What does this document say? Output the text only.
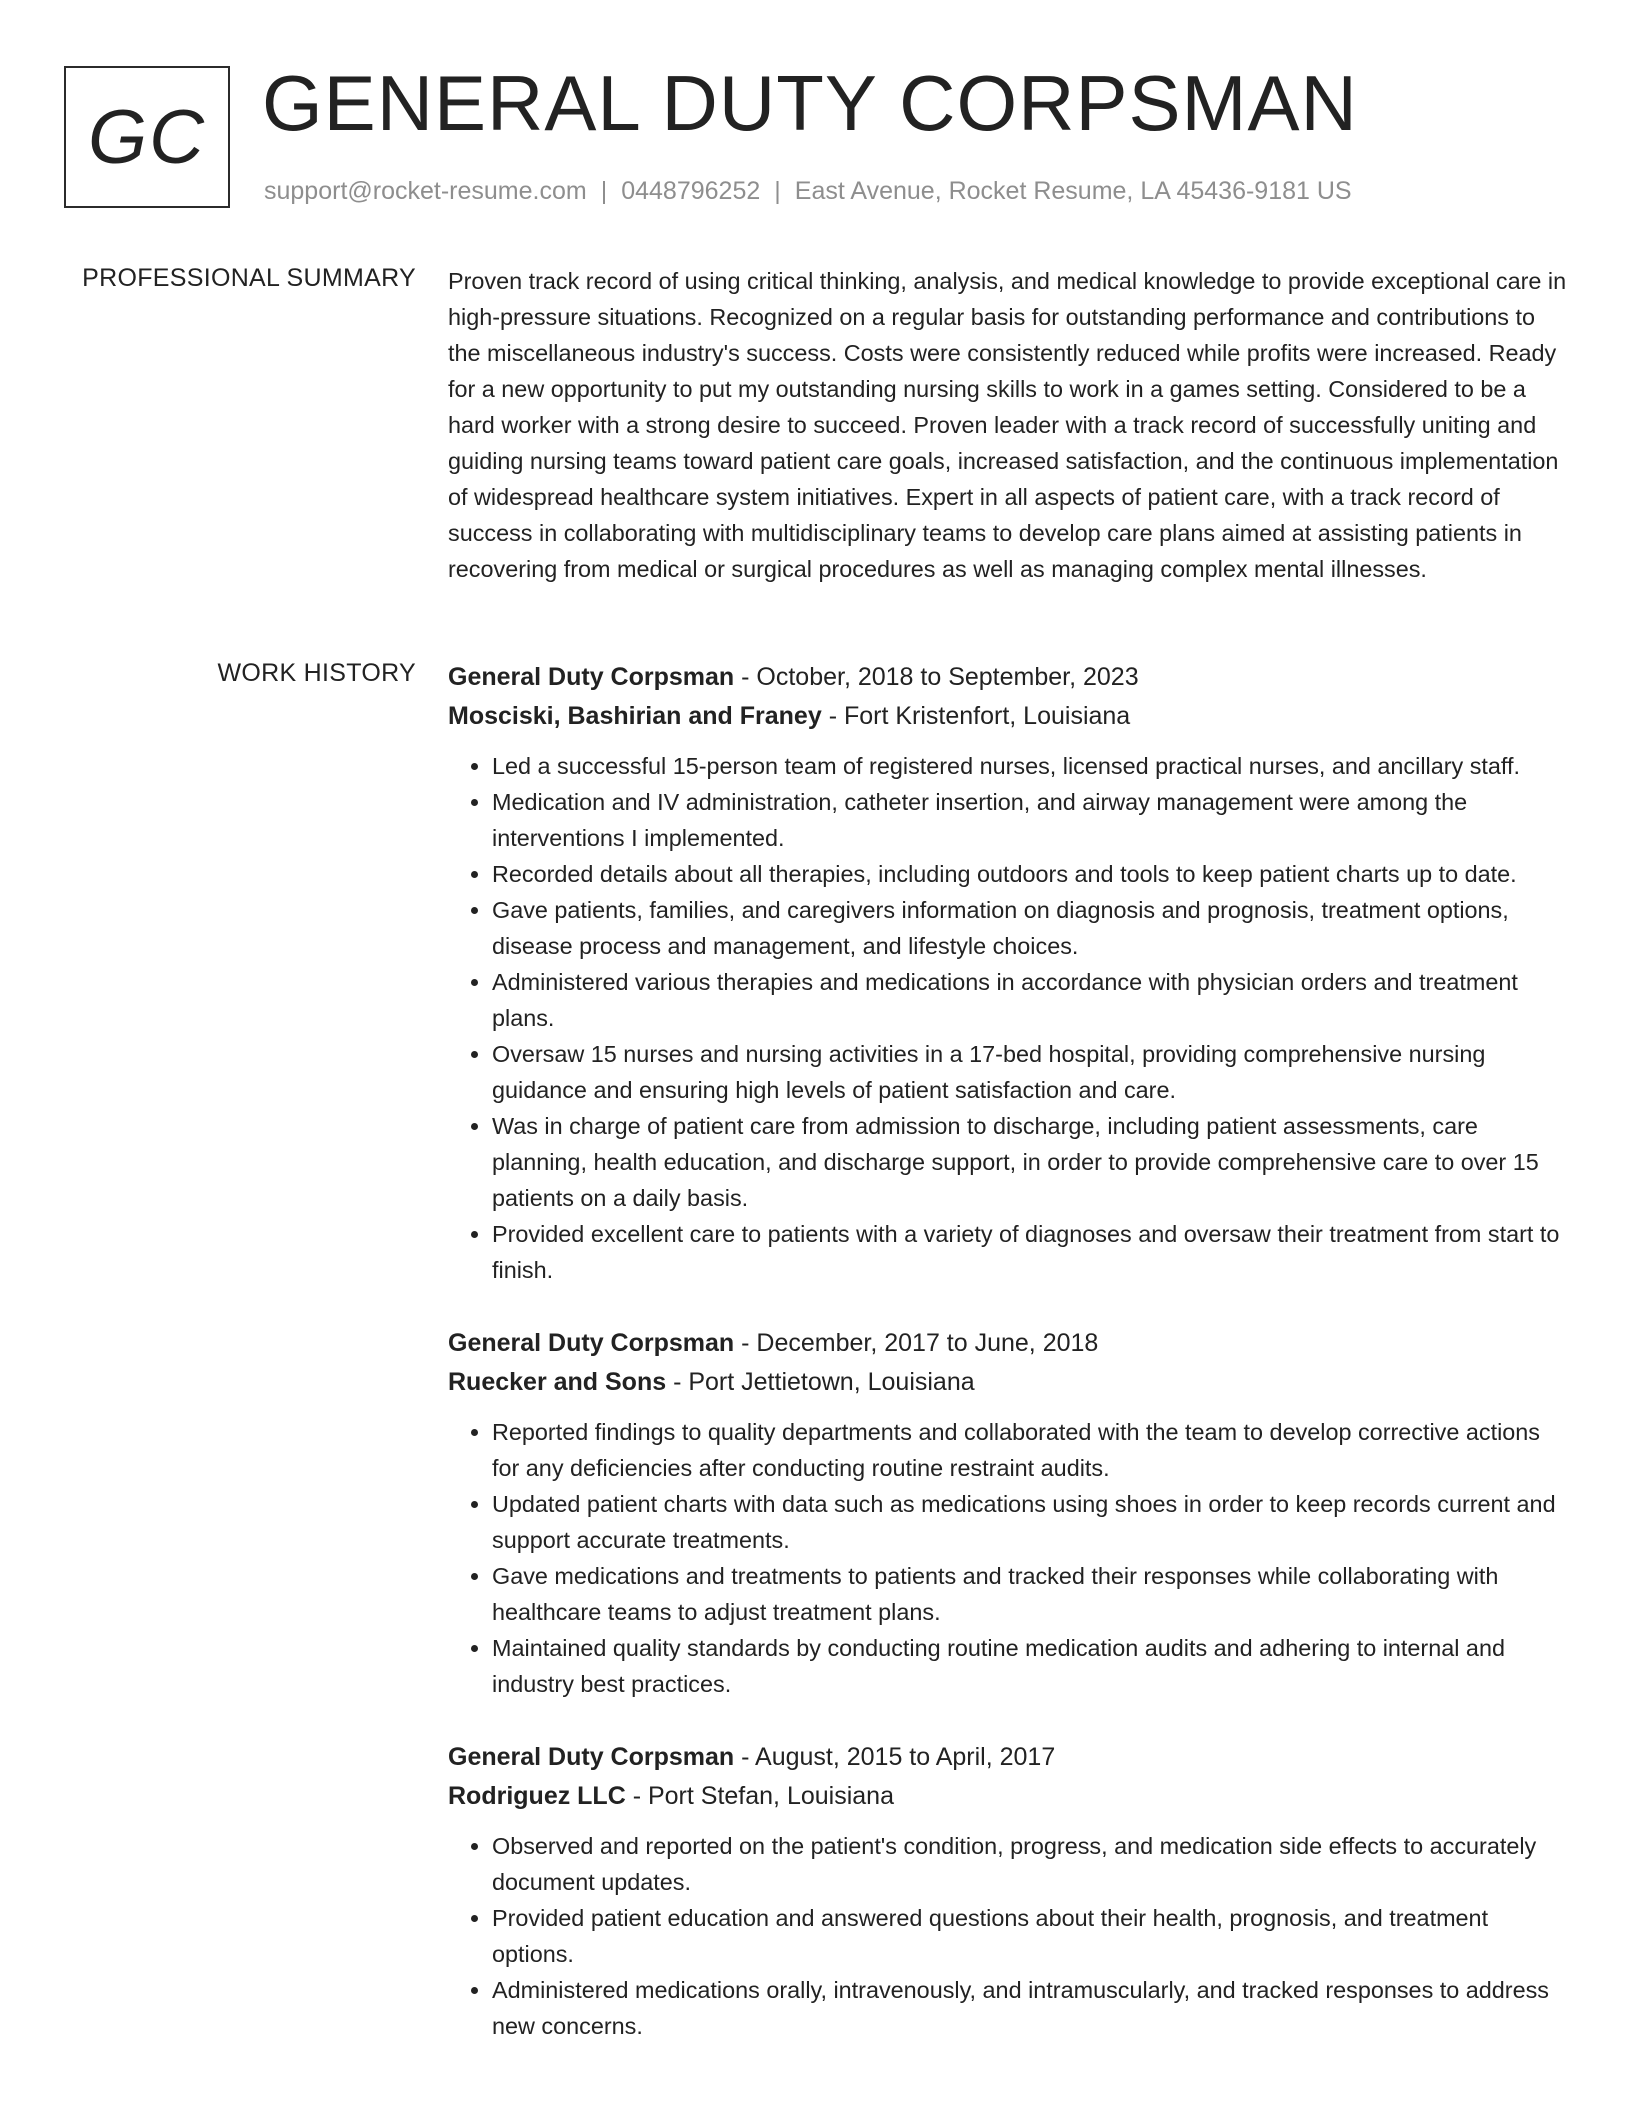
GC GENERAL DUTY CORPSMAN
support@rocket-resume.com | 0448796252 | East Avenue, Rocket Resume, LA 45436-9181 US
PROFESSIONAL SUMMARY Proven track record of using critical thinking, analysis, and medical knowledge to provide exceptional care in high-pressure situations. Recognized on a regular basis for outstanding performance and contributions to the miscellaneous industry's success. Costs were consistently reduced while profits were increased. Ready for a new opportunity to put my outstanding nursing skills to work in a games setting. Considered to be a hard worker with a strong desire to succeed. Proven leader with a track record of successfully uniting and guiding nursing teams toward patient care goals, increased satisfaction, and the continuous implementation of widespread healthcare system initiatives. Expert in all aspects of patient care, with a track record of success in collaborating with multidisciplinary teams to develop care plans aimed at assisting patients in recovering from medical or surgical procedures as well as managing complex mental illnesses.
WORK HISTORY General Duty Corpsman - October, 2018 to September, 2023
Mosciski, Bashirian and Franey - Fort Kristenfort, Louisiana
• Led a successful 15-person team of registered nurses, licensed practical nurses, and ancillary staff.
• Medication and IV administration, catheter insertion, and airway management were among the interventions I implemented.
• Recorded details about all therapies, including outdoors and tools to keep patient charts up to date.
• Gave patients, families, and caregivers information on diagnosis and prognosis, treatment options, disease process and management, and lifestyle choices.
• Administered various therapies and medications in accordance with physician orders and treatment plans.
• Oversaw 15 nurses and nursing activities in a 17-bed hospital, providing comprehensive nursing guidance and ensuring high levels of patient satisfaction and care.
• Was in charge of patient care from admission to discharge, including patient assessments, care planning, health education, and discharge support, in order to provide comprehensive care to over 15 patients on a daily basis.
• Provided excellent care to patients with a variety of diagnoses and oversaw their treatment from start to finish.
General Duty Corpsman - December, 2017 to June, 2018
Ruecker and Sons - Port Jettietown, Louisiana
• Reported findings to quality departments and collaborated with the team to develop corrective actions for any deficiencies after conducting routine restraint audits.
• Updated patient charts with data such as medications using shoes in order to keep records current and support accurate treatments.
• Gave medications and treatments to patients and tracked their responses while collaborating with healthcare teams to adjust treatment plans.
• Maintained quality standards by conducting routine medication audits and adhering to internal and industry best practices.
General Duty Corpsman - August, 2015 to April, 2017
Rodriguez LLC - Port Stefan, Louisiana
• Observed and reported on the patient's condition, progress, and medication side effects to accurately document updates.
• Provided patient education and answered questions about their health, prognosis, and treatment options.
• Administered medications orally, intravenously, and intramuscularly, and tracked responses to address new concerns.
